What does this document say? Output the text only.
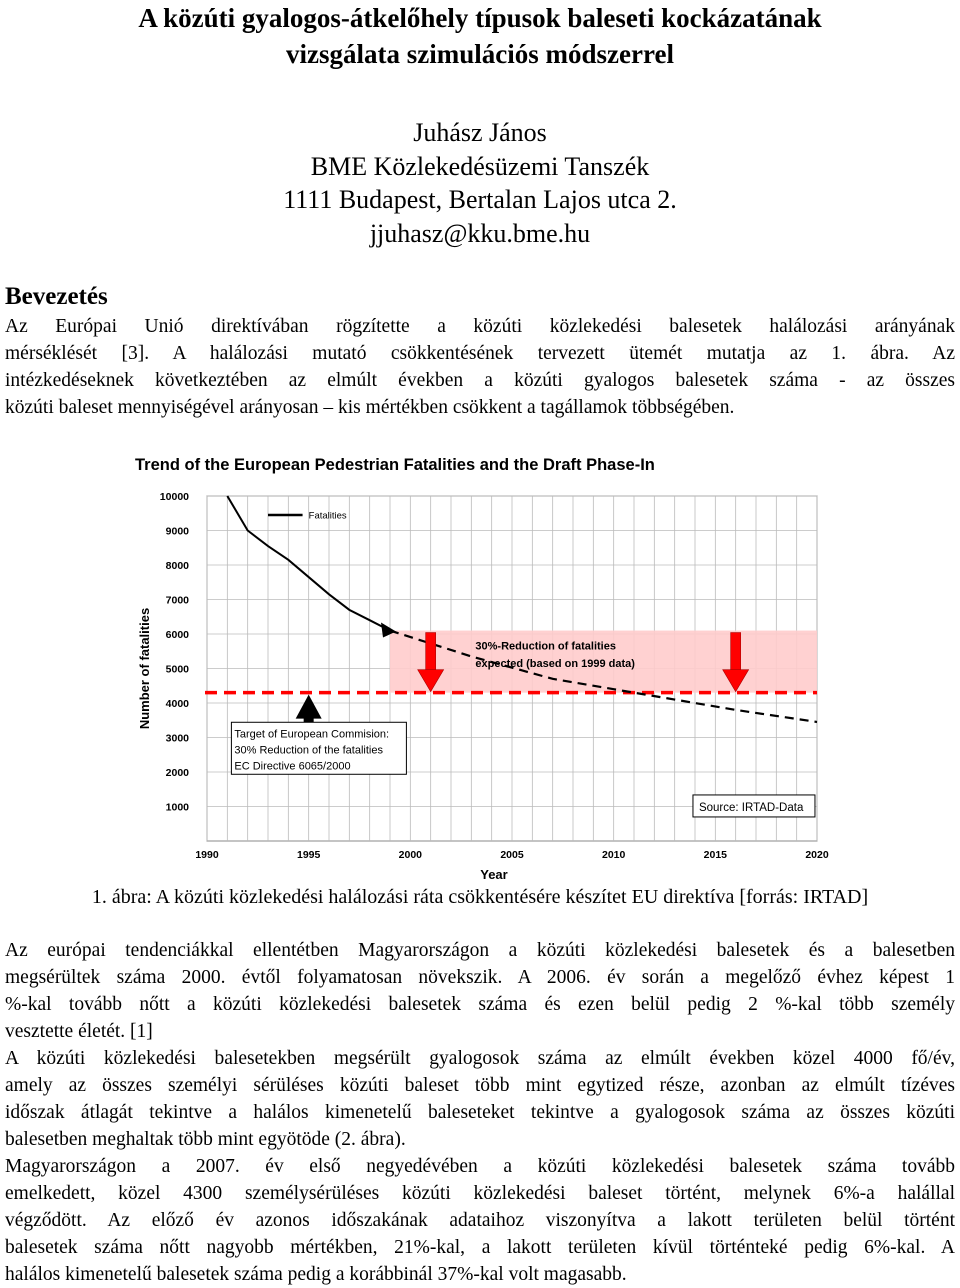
A közúti gyalogos-átkelőhely típusok baleseti kockázatának
vizsgálata szimulációs módszerrel
Juhász János
BME Közlekedésüzemi Tanszék
1111 Budapest, Bertalan Lajos utca 2.
jjuhasz@kku.bme.hu
Bevezetés
Az Európai Unió direktívában rögzítette a közúti közlekedési balesetek halálozási arányának
mérséklését [3]. A halálozási mutató csökkentésének tervezett ütemét mutatja az 1. ábra. Az
intézkedéseknek következtében az elmúlt években a közúti gyalogos balesetek száma - az összes
közúti baleset mennyiségével arányosan – kis mértékben csökkent a tagállamok többségében.
Trend of the European Pedestrian Fatalities and the Draft Phase-In
10000
9000
8000
7000
6000
5000
4000
3000
2000
1000
1990	1995	2000	2005	2010	2015	2020
Number of fatalities
Year
Fatalities
30%-Reduction of fatalities
expected (based on 1999 data)
Target of European Commision:
30% Reduction of the fatalities
EC Directive 6065/2000
Source: IRTAD-Data
1. ábra: A közúti közlekedési halálozási ráta csökkentésére készítet EU direktíva [forrás: IRTAD]
Az európai tendenciákkal ellentétben Magyarországon a közúti közlekedési balesetek és a balesetben
megsérültek száma 2000. évtől folyamatosan növekszik. A 2006. év során a megelőző évhez képest 1
%-kal tovább nőtt a közúti közlekedési balesetek száma és ezen belül pedig 2 %-kal több személy
vesztette életét. [1]
A közúti közlekedési balesetekben megsérült gyalogosok száma az elmúlt években közel 4000 fő/év,
amely az összes személyi sérüléses közúti baleset több mint egytized része, azonban az elmúlt tízéves
időszak átlagát tekintve a halálos kimenetelű baleseteket tekintve a gyalogosok száma az összes közúti
balesetben meghaltak több mint egyötöde (2. ábra).
Magyarországon a 2007. év első negyedévében a közúti közlekedési balesetek száma tovább
emelkedett, közel 4300 személysérüléses közúti közlekedési baleset történt, melynek 6%-a halállal
végződött. Az előző év azonos időszakának adataihoz viszonyítva a lakott területen belül történt
balesetek száma nőtt nagyobb mértékben, 21%-kal, a lakott területen kívül történteké pedig 6%-kal. A
halálos kimenetelű balesetek száma pedig a korábbinál 37%-kal volt magasabb.
